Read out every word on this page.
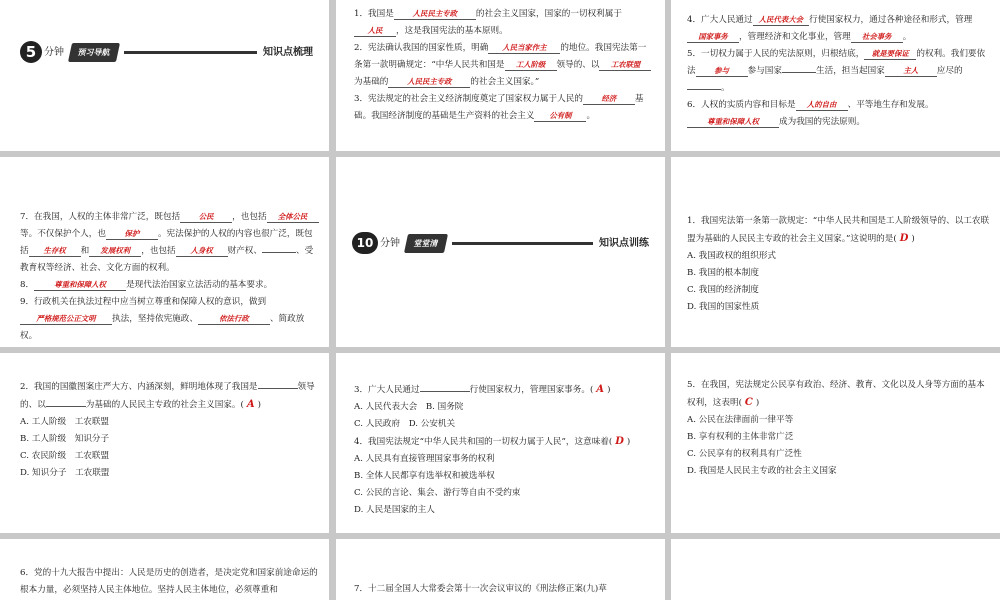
5 分钟	预习导航	知识点梳理

1．我国是	人民民主专政 的社会主义国家，国家的一切权利属于人民 ，这是我国宪法的基本原则。

2．宪法确认我国的国家性质，明确 人民当家作主 的地位。我国宪法第一条第一款明确规定：“中华人民共和国是 工人阶级 领导的、以 工农联盟为基础的	人民民主专政 的社会主义国家。”

3．宪法规定的社会主义经济制度奠定了国家权力属于人民的	经济 基础。我国经济制度的基础是生产资料的社会主义 公有制 。

4．广大人民通过 人民代表大会 行使国家权力，通过各种途径和形式，管理国家事务 ，管理经济和文化事业，管理 社会事务 。

5．一切权力属于人民的宪法原则，归根结底， 就是要保证 的权利。我们要依法	参与 参与国家	生活，担当起国家	主人 应尽的。

6．人权的实质内容和目标是 人的自由 、平等地生存和发展。尊重和保障人权 成为我国的宪法原则。

7．在我国，人权的主体非常广泛，既包括	公民 ，也包括 全体公民等。不仅保护个人，也	保护 。宪法保护的人权的内容也很广泛，既包括 生存权 和 发展权利 ，也包括 人身权 财产权、	、受教育权等经济、社会、文化方面的权利。

8．	尊重和保障人权 是现代法治国家立法活动的基本要求。

9．行政机关在执法过程中应当树立尊重和保障人权的意识，做到严格规范公正文明 执法，坚持依宪施政、	依法行政 、简政放权。

10 分钟	堂堂清	知识点训练

1．我国宪法第一条第一款规定：“中华人民共和国是工人阶级领导的、以工农联盟为基础的人民民主专政的社会主义国家。”这说明的是( D )

A. 我国政权的组织形式

B. 我国的根本制度

C. 我国的经济制度

D. 我国的国家性质

2．我国的国徽图案庄严大方、内涵深刻，鲜明地体现了我国是	领导的、以	为基础的人民民主专政的社会主义国家。( A )

A. 工人阶级　工农联盟

B. 工人阶级　知识分子

C. 农民阶级　工农联盟

D. 知识分子　工农联盟

3．广大人民通过	行使国家权力，管理国家事务。( A )

A. 人民代表大会　B. 国务院

C. 人民政府　D. 公安机关

4．我国宪法规定“中华人民共和国的一切权力属于人民”，这意味着( D )

A. 人民具有直接管理国家事务的权利

B. 全体人民都享有选举权和被选举权

C. 公民的言论、集会、游行等自由不受约束

D. 人民是国家的主人

5．在我国，宪法规定公民享有政治、经济、教育、文化以及人身等方面的基本权利，这表明( C )

A. 公民在法律面前一律平等

B. 享有权利的主体非常广泛

C. 公民享有的权利具有广泛性

D. 我国是人民民主专政的社会主义国家

6．党的十九大报告中提出：人民是历史的创造者，是决定党和国家前途命运的根本力量，必须坚持人民主体地位。坚持人民主体地位，必须尊重和	7．十二届全国人大常委会第十一次会议审议的《刑法修正案(九)草
